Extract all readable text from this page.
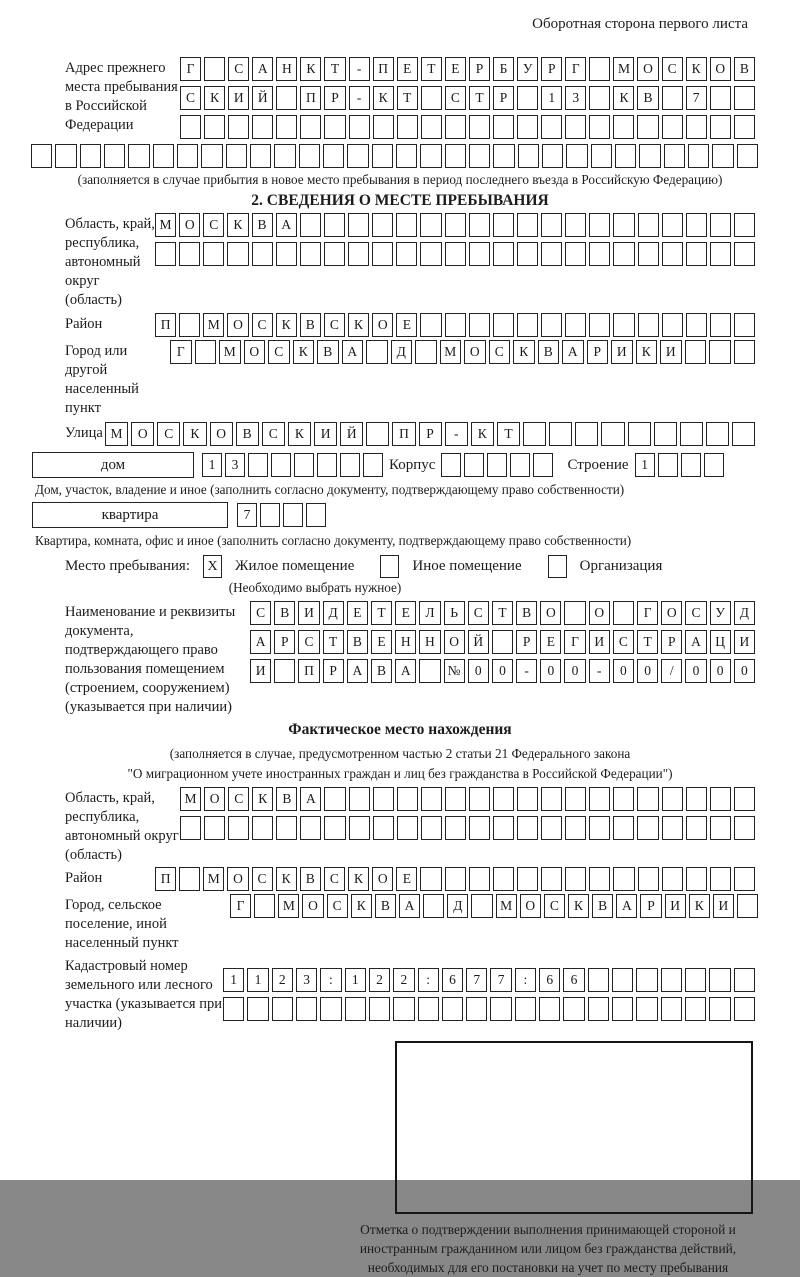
Оборотная сторона первого листа
Адрес прежнего места пребывания в Российской Федерации
Г	С	А	Н	К	Т	-	П	Е	Т	Е	Р	Б	У	Р	Г	М О	С	К	О	В
С	К	И	Й	П	Р	-	К	Т	С	Т	Р	1	3	К	В	7
(заполняется в случае прибытия в новое место пребывания в период последнего въезда в Российскую Федерацию)
2. СВЕДЕНИЯ О МЕСТЕ ПРЕБЫВАНИЯ
Область, край, республика, автономный округ (область)
М О	С	К	В	А
Район	П	М О	С	К	В	С	К	О	Е
Город или другой населенный пункт
Г	М	О	С	К	В	А	Д	М	О	С	К	В	А	Р	И	К	И
Улица М	О	С	К	О	В	С	К	И	Й	П	Р	-	К	Т
дом	1	3	Корпус	Строение 1
Дом, участок, владение и иное (заполнить согласно документу, подтверждающему право собственности)
квартира	7
Квартира, комната, офис и иное (заполнить согласно документу, подтверждающему право собственности)
Место пребывания:	X Жилое помещение	Иное помещение	Организация
(Необходимо выбрать нужное)
Наименование и реквизиты документа, подтверждающего право пользования помещением (строением, сооружением) (указывается при наличии)
С	В	И	Д	Е	Т	Е	Л	Ь	С	Т	В	О	О	Г	О	С	У	Д
А	Р	С	Т	В	Е	Н	Н	О	Й	Р	Е	Г	И	С	Т	Р	А	Ц	И
И	П	Р	А	В	А	№	0	0	-	0	0	-	0	0	/	0	0	0
Фактическое место нахождения
(заполняется в случае, предусмотренном частью 2 статьи 21 Федерального закона
"О миграционном учете иностранных граждан и лиц без гражданства в Российской Федерации")
Область, край, республика, автономный округ (область)
М О	С	К	В	А
Район	П	М О	С	К	В	С	К	О	Е
Город, сельское поселение, иной населенный пункт
Г	М О	С	К	В	А	Д	М О	С	К	В	А	Р	И	К	И
Кадастровый номер земельного или лесного участка (указывается при наличии)
1	1	2	3	:	1	2	2	:	6	7	7	:	6	6
Отметка о подтверждении выполнения принимающей стороной и иностранным гражданином или лицом без гражданства действий, необходимых для его постановки на учет по месту пребывания
